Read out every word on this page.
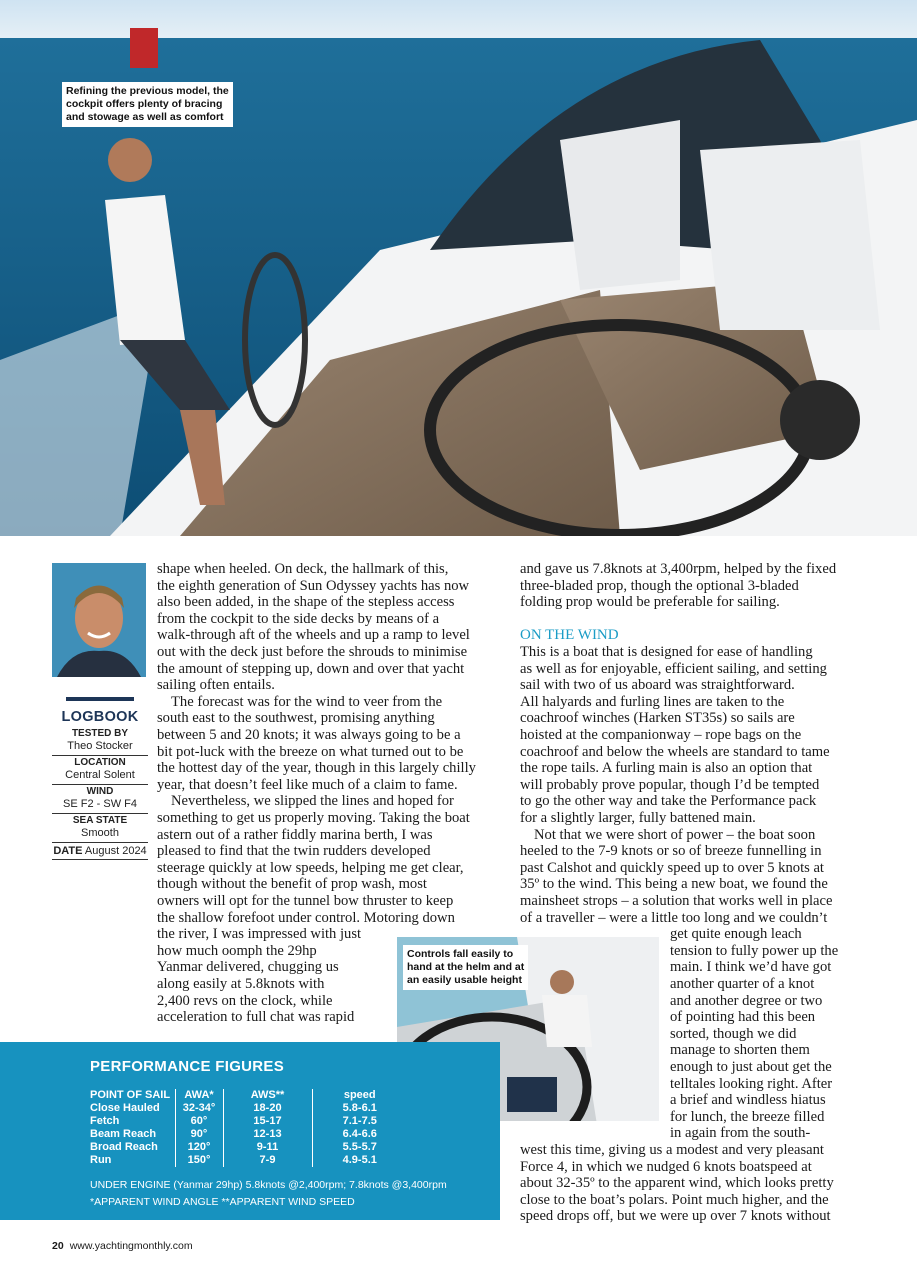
Refining the previous model, the
cockpit offers plenty of bracing
and stowage as well as comfort
LOGBOOK
TESTED BY
Theo Stocker
LOCATION
Central Solent
WIND
SE F2 - SW F4
SEA STATE
Smooth
DATE August 2024
shape when heeled. On deck, the hallmark of this,
the eighth generation of Sun Odyssey yachts has now
also been added, in the shape of the stepless access
from the cockpit to the side decks by means of a
walk-through aft of the wheels and up a ramp to level
out with the deck just before the shrouds to minimise
the amount of stepping up, down and over that yacht
sailing often entails.
The forecast was for the wind to veer from the
south east to the southwest, promising anything
between 5 and 20 knots; it was always going to be a
bit pot-luck with the breeze on what turned out to be
the hottest day of the year, though in this largely chilly
year, that doesn’t feel like much of a claim to fame.
Nevertheless, we slipped the lines and hoped for
something to get us properly moving. Taking the boat
astern out of a rather fiddly marina berth, I was
pleased to find that the twin rudders developed
steerage quickly at low speeds, helping me get clear,
though without the benefit of prop wash, most
owners will opt for the tunnel bow thruster to keep
the shallow forefoot under control. Motoring down
the river, I was impressed with just
how much oomph the 29hp
Yanmar delivered, chugging us
along easily at 5.8knots with
2,400 revs on the clock, while
acceleration to full chat was rapid
and gave us 7.8knots at 3,400rpm, helped by the fixed
three-bladed prop, though the optional 3-bladed
folding prop would be preferable for sailing.
ON THE WIND
This is a boat that is designed for ease of handling
as well as for enjoyable, efficient sailing, and setting
sail with two of us aboard was straightforward.
All halyards and furling lines are taken to the
coachroof winches (Harken ST35s) so sails are
hoisted at the companionway – rope bags on the
coachroof and below the wheels are standard to tame
the rope tails. A furling main is also an option that
will probably prove popular, though I’d be tempted
to go the other way and take the Performance pack
for a slightly larger, fully battened main.
Not that we were short of power – the boat soon
heeled to the 7-9 knots or so of breeze funnelling in
past Calshot and quickly speed up to over 5 knots at
35º to the wind. This being a new boat, we found the
mainsheet strops – a solution that works well in place
of a traveller – were a little too long and we couldn’t
get quite enough leach
tension to fully power up the
main. I think we’d have got
another quarter of a knot
and another degree or two
of pointing had this been
sorted, though we did
manage to shorten them
enough to just about get the
telltales looking right. After
a brief and windless hiatus
for lunch, the breeze filled
in again from the south-
west this time, giving us a modest and very pleasant
Force 4, in which we nudged 6 knots boatspeed at
about 32-35º to the apparent wind, which looks pretty
close to the boat’s polars. Point much higher, and the
speed drops off, but we were up over 7 knots without
Controls fall easily to
hand at the helm and at
an easily usable height
PERFORMANCE FIGURES
POINT OF SAIL	AWA*	AWS**	speed
Close Hauled	32-34°	18-20	5.8-6.1
Fetch	60°	15-17	7.1-7.5
Beam Reach	90°	12-13	6.4-6.6
Broad Reach	120°	9-11	5.5-5.7
Run	150°	7-9	4.9-5.1
UNDER ENGINE (Yanmar 29hp) 5.8knots @2,400rpm; 7.8knots @3,400rpm
*APPARENT WIND ANGLE **APPARENT WIND SPEED
20 www.yachtingmonthly.com
